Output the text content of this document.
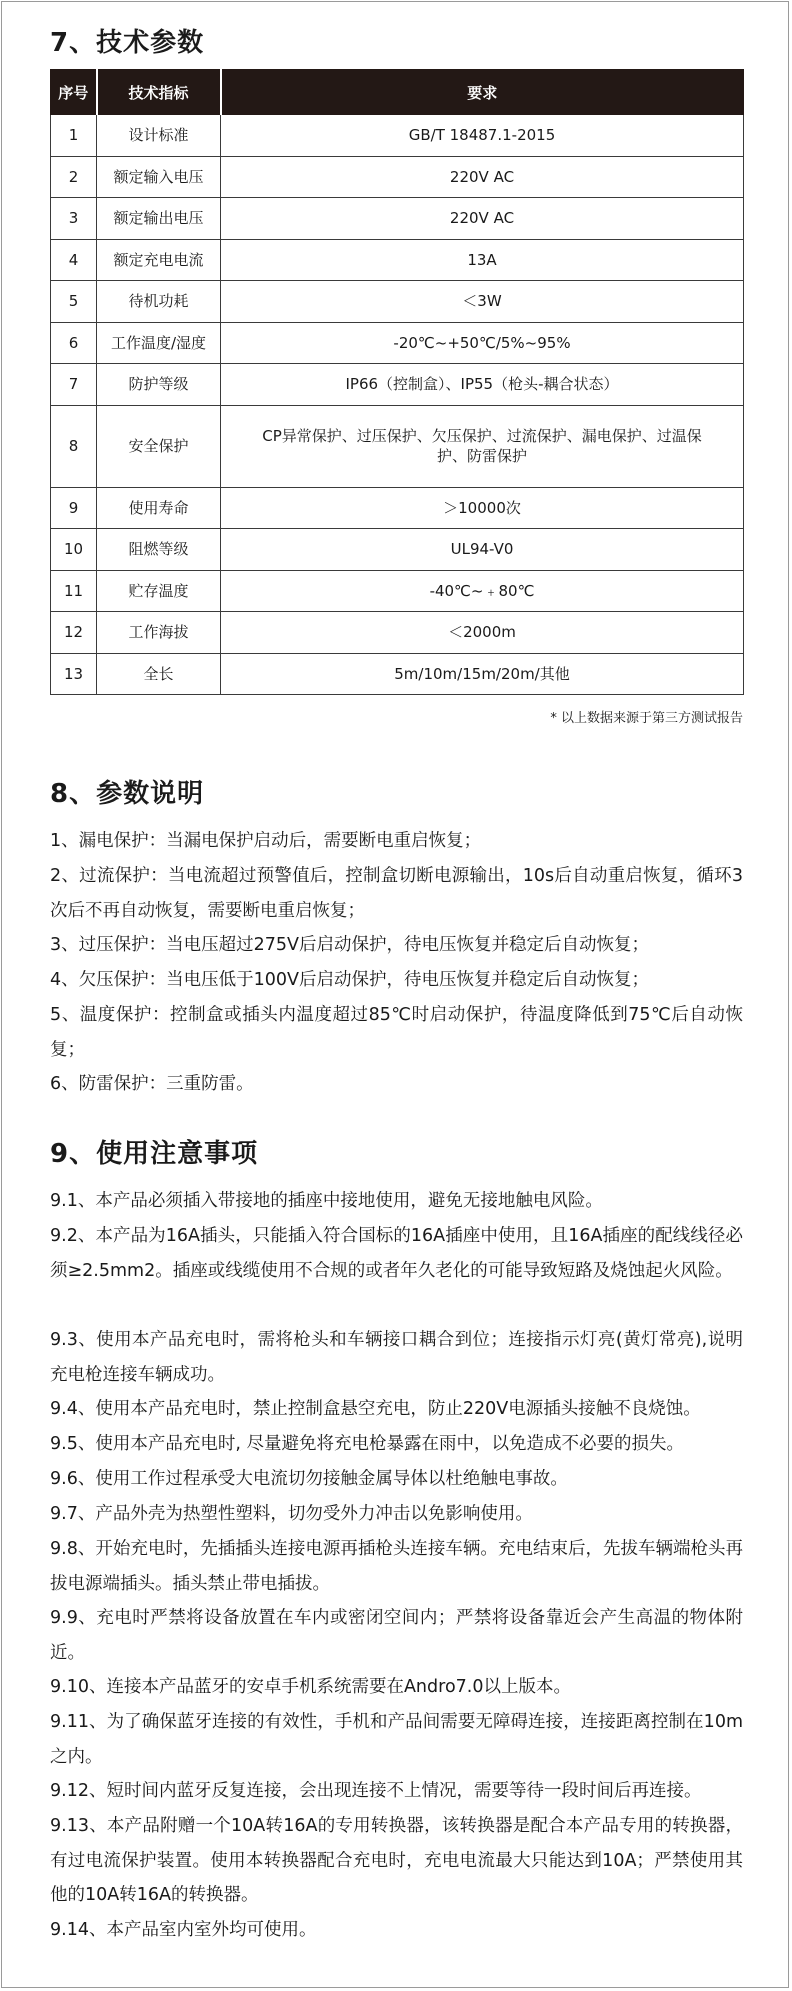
7、技术参数
序号	技术指标	要求
1	设计标准	GB/T 18487.1-2015
2	额定输入电压	220V AC
3	额定输出电压	220V AC
4	额定充电电流	13A
5	待机功耗	＜3W
6	工作温度/湿度	-20℃~+50℃/5%~95%
7	防护等级	IP66（控制盒）、IP55（枪头-耦合状态）
8	安全保护	CP异常保护、过压保护、欠压保护、过流保护、漏电保护、过温保护、防雷保护
9	使用寿命	＞10000次
10	阻燃等级	UL94-V0
11	贮存温度	-40℃~﹢80℃
12	工作海拔	＜2000m
13	全长	5m/10m/15m/20m/其他
* 以上数据来源于第三方测试报告
8、参数说明

1、漏电保护：当漏电保护启动后，需要断电重启恢复；

2、过流保护：当电流超过预警值后，控制盒切断电源输出，10s后自动重启恢复，循环3次后不再自动恢复，需要断电重启恢复；

3、过压保护：当电压超过275V后启动保护，待电压恢复并稳定后自动恢复；

4、欠压保护：当电压低于100V后启动保护，待电压恢复并稳定后自动恢复；

5、温度保护：控制盒或插头内温度超过85℃时启动保护，待温度降低到75℃后自动恢复；

6、防雷保护：三重防雷。

9、使用注意事项

9.1、本产品必须插入带接地的插座中接地使用，避免无接地触电风险。

9.2、本产品为16A插头，只能插入符合国标的16A插座中使用，且16A插座的配线线径必须≥2.5mm2。插座或线缆使用不合规的或者年久老化的可能导致短路及烧蚀起火风险。

9.3、使用本产品充电时，需将枪头和车辆接口耦合到位；连接指示灯亮(黄灯常亮),说明充电枪连接车辆成功。

9.4、使用本产品充电时，禁止控制盒悬空充电，防止220V电源插头接触不良烧蚀。

9.5、使用本产品充电时, 尽量避免将充电枪暴露在雨中，以免造成不必要的损失。

9.6、使用工作过程承受大电流切勿接触金属导体以杜绝触电事故。

9.7、产品外壳为热塑性塑料，切勿受外力冲击以免影响使用。

9.8、开始充电时，先插插头连接电源再插枪头连接车辆。充电结束后，先拔车辆端枪头再拔电源端插头。插头禁止带电插拔。

9.9、充电时严禁将设备放置在车内或密闭空间内；严禁将设备靠近会产生高温的物体附近。

9.10、连接本产品蓝牙的安卓手机系统需要在Andro7.0以上版本。

9.11、为了确保蓝牙连接的有效性，手机和产品间需要无障碍连接，连接距离控制在10m之内。

9.12、短时间内蓝牙反复连接，会出现连接不上情况，需要等待一段时间后再连接。

9.13、本产品附赠一个10A转16A的专用转换器，该转换器是配合本产品专用的转换器，有过电流保护装置。使用本转换器配合充电时，充电电流最大只能达到10A；严禁使用其他的10A转16A的转换器。

9.14、本产品室内室外均可使用。
